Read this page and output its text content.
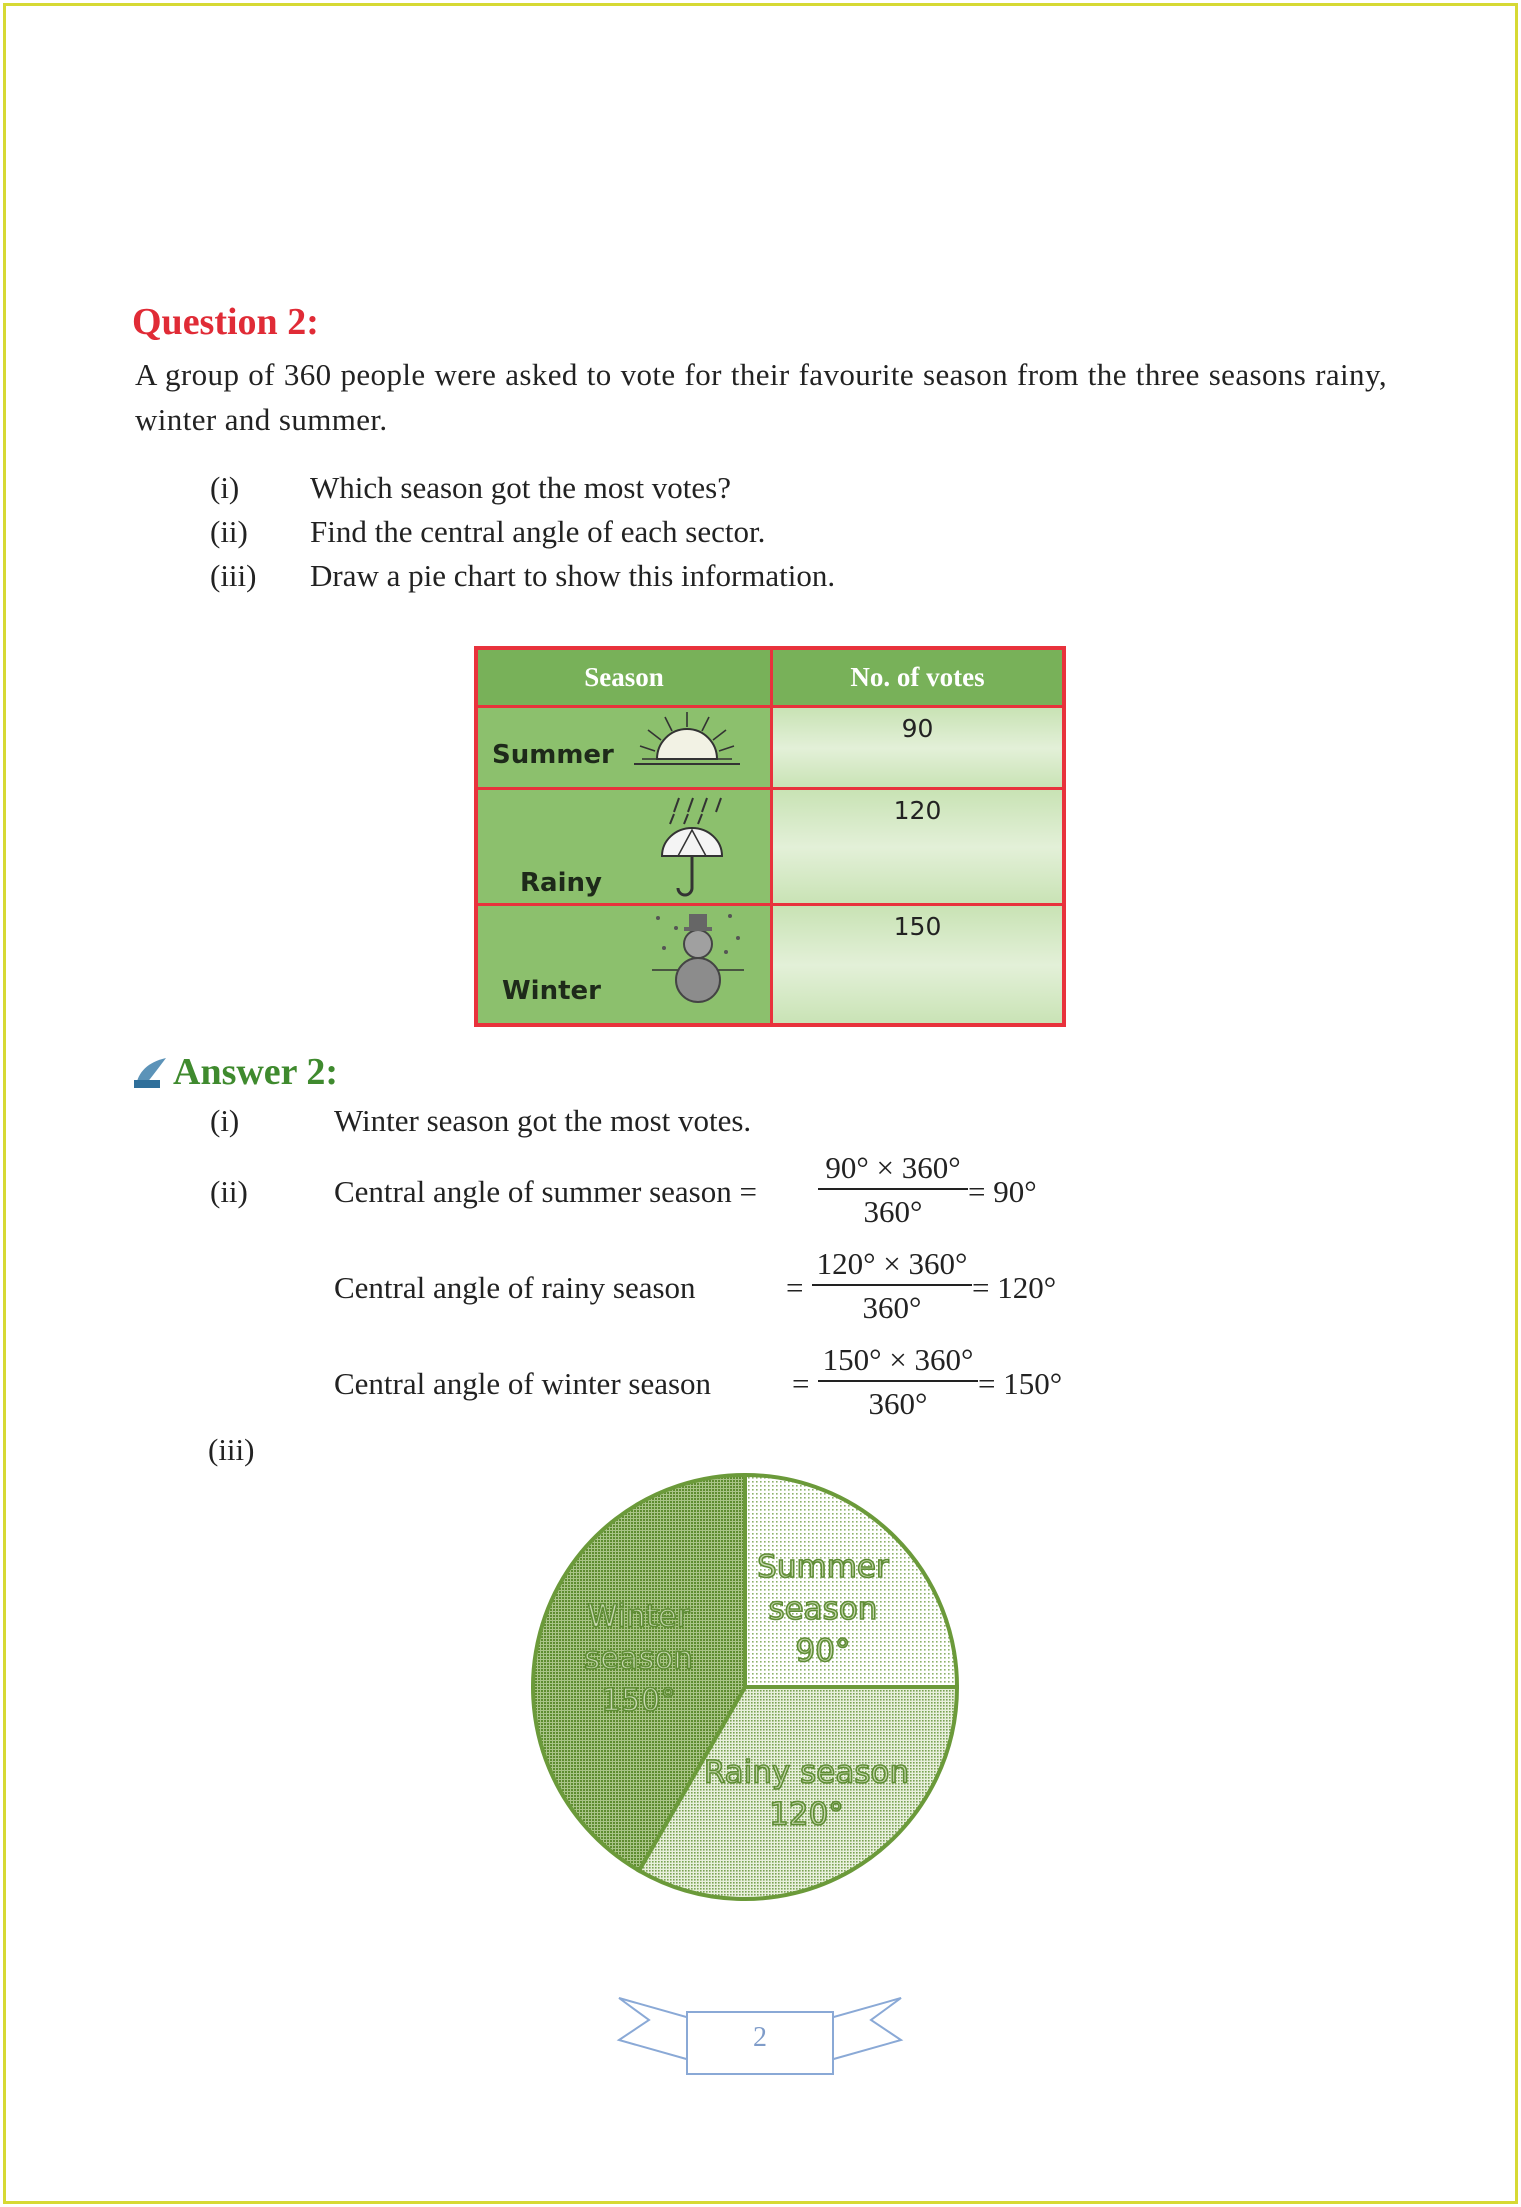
Question 2:
A group of 360 people were asked to vote for their favourite season from the three seasons rainy, winter and summer.
(i) Which season got the most votes?
(ii) Find the central angle of each sector.
(iii) Draw a pie chart to show this information.
Season	No. of votes

Summer	90

Rainy	120

Winter	150
Answer 2:
(i)	Winter season got the most votes.
(ii)	Central angle of summer season = $\frac{90^\circ \times 360^\circ}{360^\circ} = 90^\circ$
Central angle of rainy season	= $\frac{120^\circ \times 360^\circ}{360^\circ} = 120^\circ$
Central angle of winter season	= $\frac{150^\circ \times 360^\circ}{360^\circ} = 150^\circ$
(iii)
Summer season 90°
Rainy season 120°
Winter season 150°
2
